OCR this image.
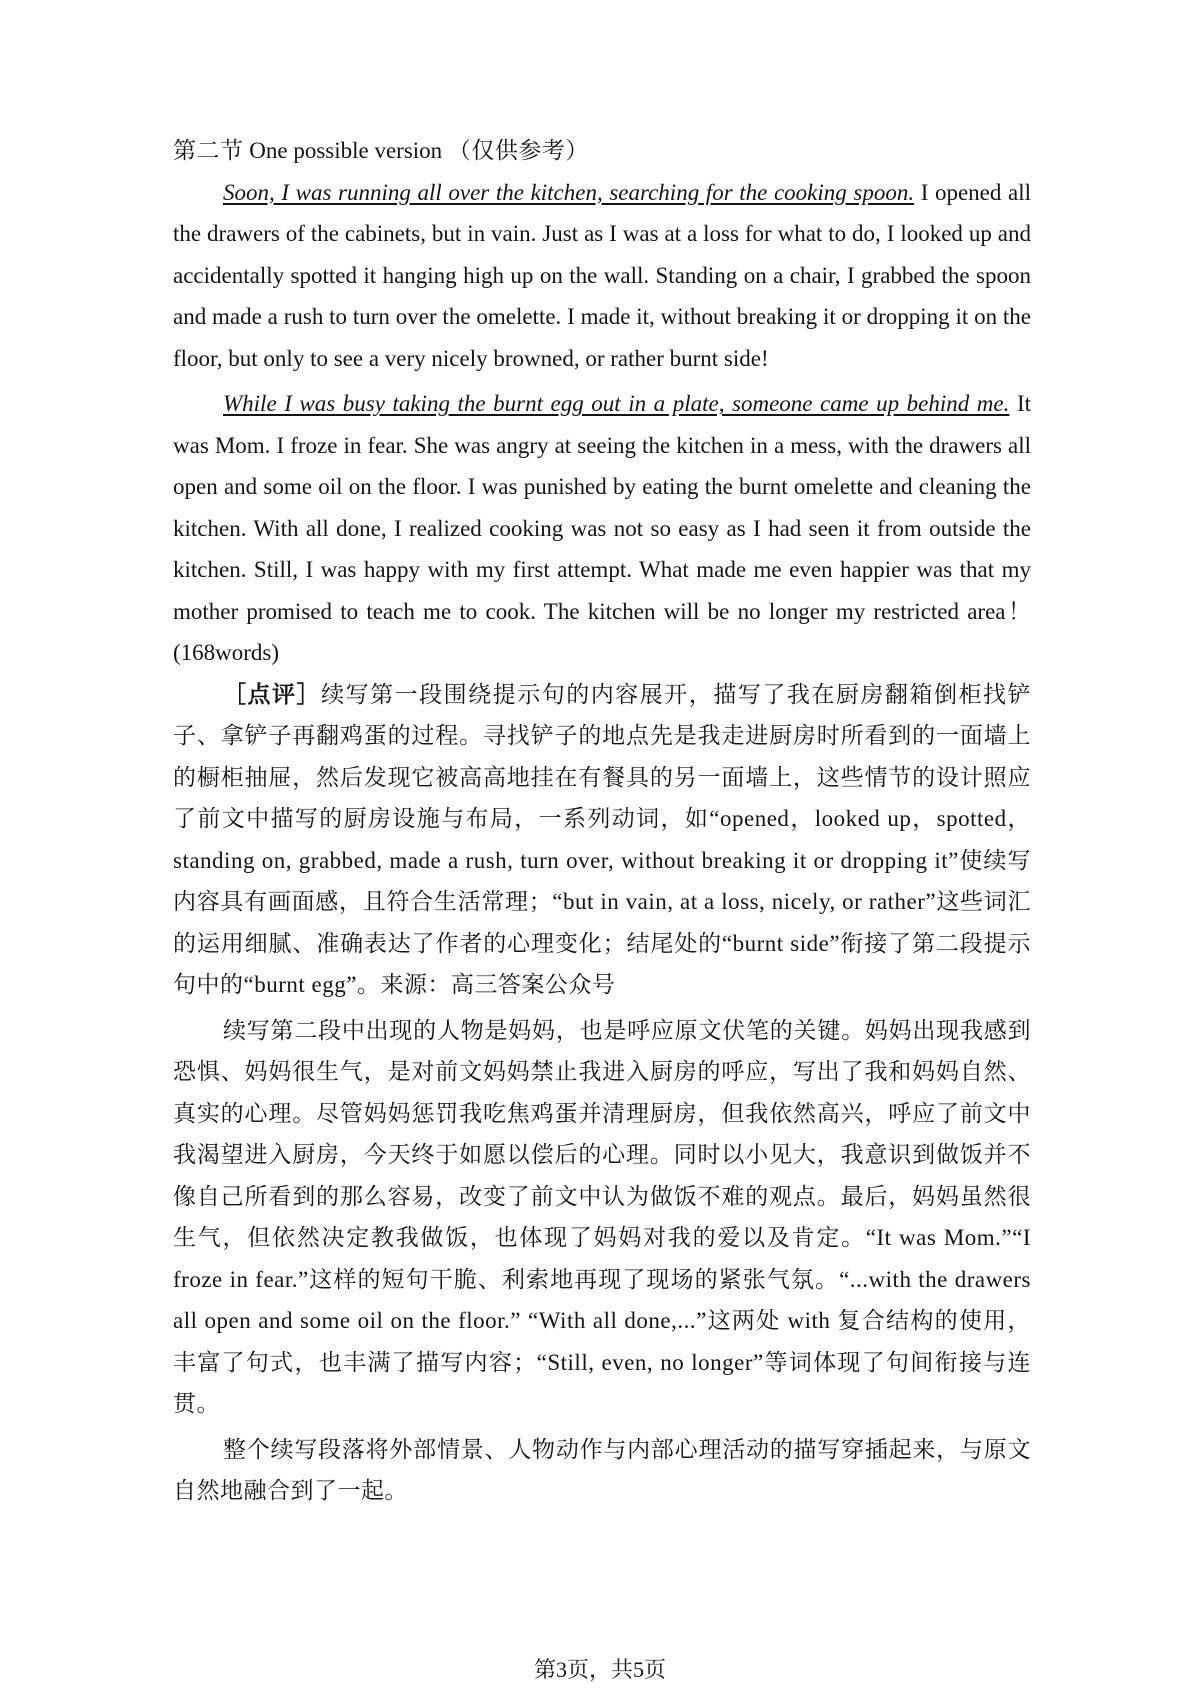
第二节 One possible version （仅供参考）

Soon, I was running all over the kitchen, searching for the cooking spoon. I opened all the drawers of the cabinets, but in vain. Just as I was at a loss for what to do, I looked up and accidentally spotted it hanging high up on the wall. Standing on a chair, I grabbed the spoon and made a rush to turn over the omelette. I made it, without breaking it or dropping it on the floor, but only to see a very nicely browned, or rather burnt side!

While I was busy taking the burnt egg out in a plate, someone came up behind me. It was Mom. I froze in fear. She was angry at seeing the kitchen in a mess, with the drawers all open and some oil on the floor. I was punished by eating the burnt omelette and cleaning the kitchen. With all done, I realized cooking was not so easy as I had seen it from outside the kitchen. Still, I was happy with my first attempt. What made me even happier was that my mother promised to teach me to cook. The kitchen will be no longer my restricted area！(168words)

［点评］续写第一段围绕提示句的内容展开，描写了我在厨房翻箱倒柜找铲子、拿铲子再翻鸡蛋的过程。寻找铲子的地点先是我走进厨房时所看到的一面墙上的橱柜抽屉，然后发现它被高高地挂在有餐具的另一面墙上，这些情节的设计照应了前文中描写的厨房设施与布局，一系列动词，如“opened，looked up，spotted，standing on, grabbed, made a rush, turn over, without breaking it or dropping it”使续写内容具有画面感，且符合生活常理；“but in vain, at a loss, nicely, or rather”这些词汇的运用细腻、准确表达了作者的心理变化；结尾处的“burnt side”衔接了第二段提示句中的“burnt egg”。来源：高三答案公众号

续写第二段中出现的人物是妈妈，也是呼应原文伏笔的关键。妈妈出现我感到恐惧、妈妈很生气，是对前文妈妈禁止我进入厨房的呼应，写出了我和妈妈自然、真实的心理。尽管妈妈惩罚我吃焦鸡蛋并清理厨房，但我依然高兴，呼应了前文中我渴望进入厨房，今天终于如愿以偿后的心理。同时以小见大，我意识到做饭并不像自己所看到的那么容易，改变了前文中认为做饭不难的观点。最后，妈妈虽然很生气，但依然决定教我做饭，也体现了妈妈对我的爱以及肯定。“It was Mom.”“I froze in fear.”这样的短句干脆、利索地再现了现场的紧张气氛。“...with the drawers all open and some oil on the floor.” “With all done,...”这两处 with 复合结构的使用，丰富了句式，也丰满了描写内容；“Still, even, no longer”等词体现了句间衔接与连贯。

整个续写段落将外部情景、人物动作与内部心理活动的描写穿插起来，与原文自然地融合到了一起。

第3页，共5页
